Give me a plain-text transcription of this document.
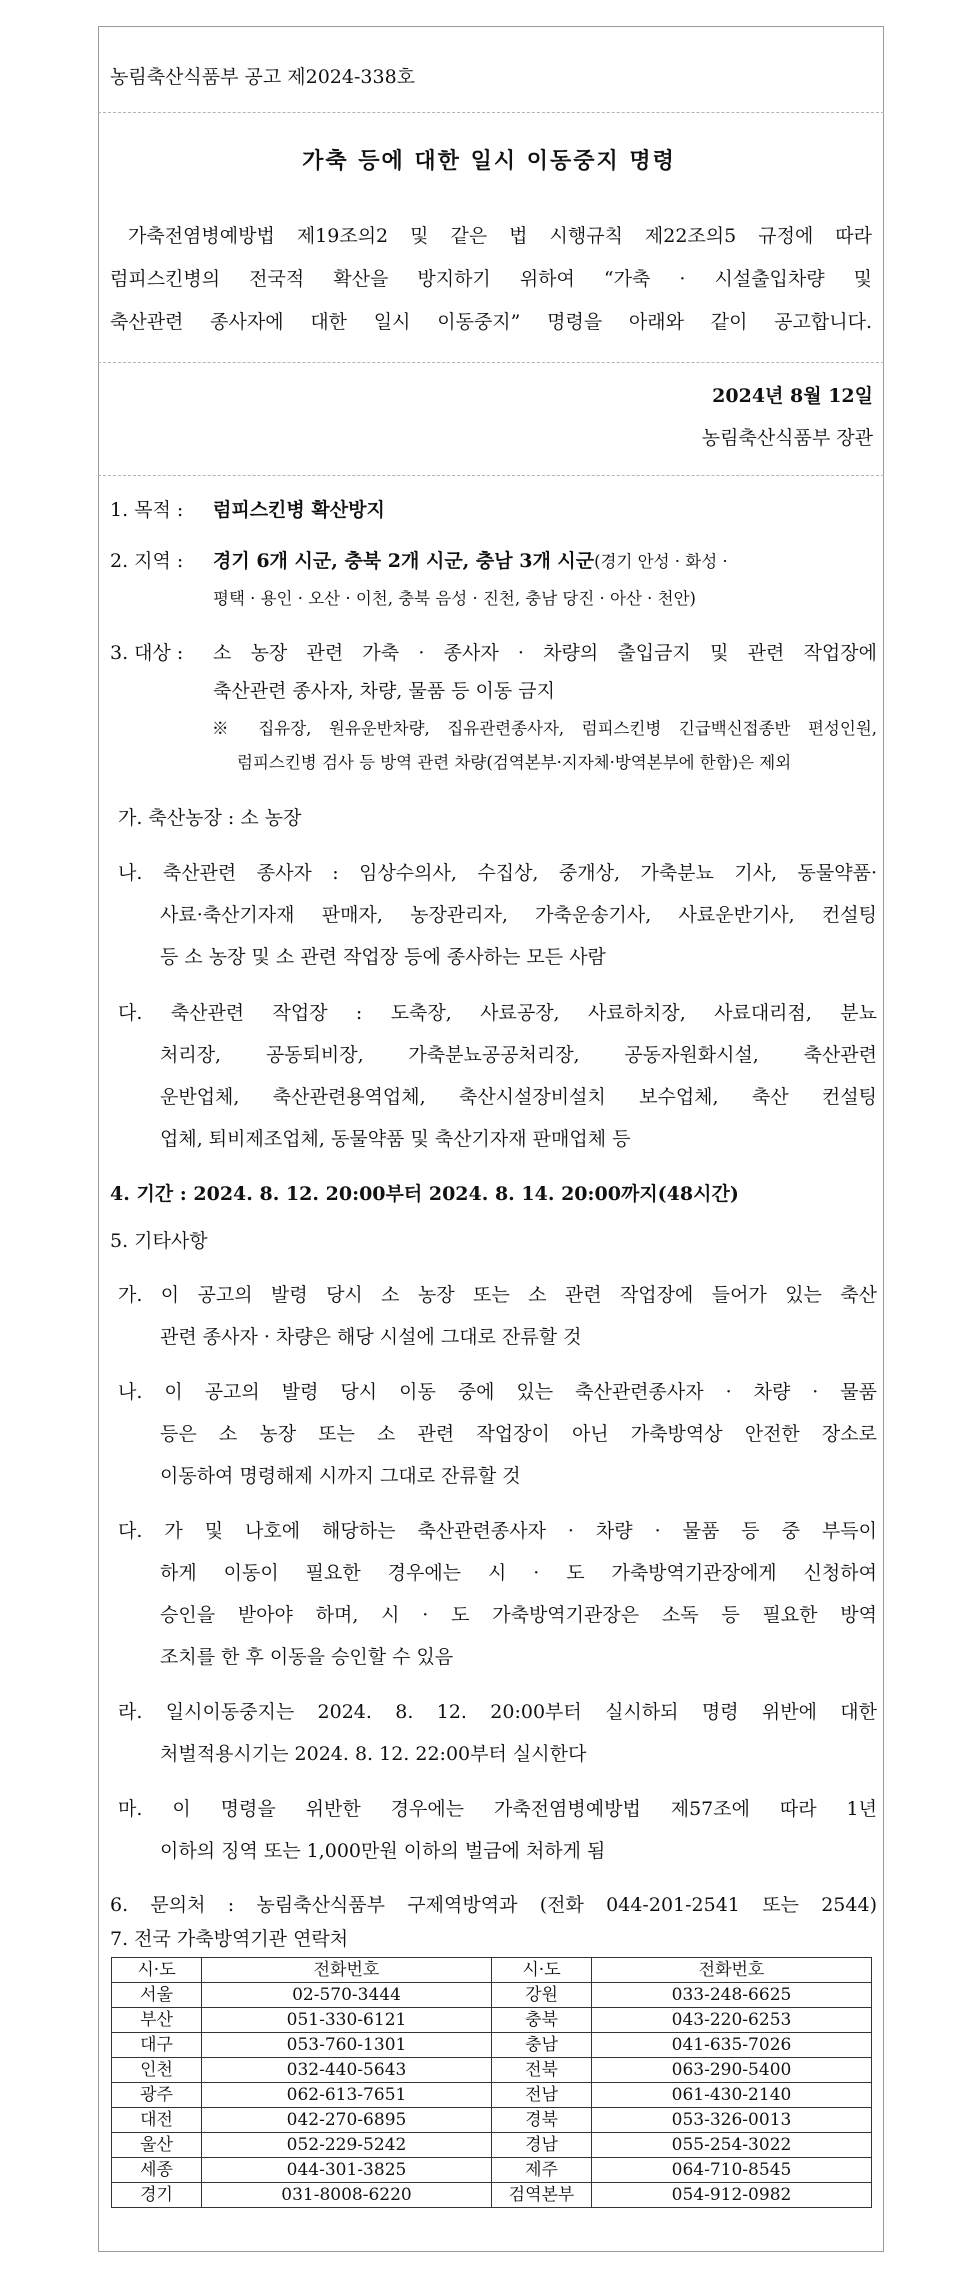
농림축산식품부 공고 제2024-338호
가축 등에 대한 일시 이동중지 명령
가축전염병예방법 제19조의2 및 같은 법 시행규칙 제22조의5 규정에 따라
럼피스킨병의 전국적 확산을 방지하기 위하여 “가축 · 시설출입차량 및
축산관련 종사자에 대한 일시 이동중지” 명령을 아래와 같이 공고합니다.
2024년 8월 12일
농림축산식품부 장관
1. 목적 : 럼피스킨병 확산방지
2. 지역 : 경기 6개 시군, 충북 2개 시군, 충남 3개 시군(경기 안성 · 화성 ·
평택 · 용인 · 오산 · 이천, 충북 음성 · 진천, 충남 당진 · 아산 · 천안)
3. 대상 : 소 농장 관련 가축 · 종사자 · 차량의 출입금지 및 관련 작업장에
축산관련 종사자, 차량, 물품 등 이동 금지
※ 집유장, 원유운반차량, 집유관련종사자, 럼피스킨병 긴급백신접종반 편성인원,
럼피스킨병 검사 등 방역 관련 차량(검역본부·지자체·방역본부에 한함)은 제외
가. 축산농장 : 소 농장
나. 축산관련 종사자 : 임상수의사, 수집상, 중개상, 가축분뇨 기사, 동물약품·
사료·축산기자재 판매자, 농장관리자, 가축운송기사, 사료운반기사, 컨설팅
등 소 농장 및 소 관련 작업장 등에 종사하는 모든 사람
다. 축산관련 작업장 : 도축장, 사료공장, 사료하치장, 사료대리점, 분뇨
처리장, 공동퇴비장, 가축분뇨공공처리장, 공동자원화시설, 축산관련
운반업체, 축산관련용역업체, 축산시설장비설치 보수업체, 축산 컨설팅
업체, 퇴비제조업체, 동물약품 및 축산기자재 판매업체 등
4. 기간 : 2024. 8. 12. 20:00부터 2024. 8. 14. 20:00까지(48시간)
5. 기타사항
가. 이 공고의 발령 당시 소 농장 또는 소 관련 작업장에 들어가 있는 축산
관련 종사자 · 차량은 해당 시설에 그대로 잔류할 것
나. 이 공고의 발령 당시 이동 중에 있는 축산관련종사자 · 차량 · 물품
등은 소 농장 또는 소 관련 작업장이 아닌 가축방역상 안전한 장소로
이동하여 명령해제 시까지 그대로 잔류할 것
다. 가 및 나호에 해당하는 축산관련종사자 · 차량 · 물품 등 중 부득이
하게 이동이 필요한 경우에는 시 · 도 가축방역기관장에게 신청하여
승인을 받아야 하며, 시 · 도 가축방역기관장은 소독 등 필요한 방역
조치를 한 후 이동을 승인할 수 있음
라. 일시이동중지는 2024. 8. 12. 20:00부터 실시하되 명령 위반에 대한
처벌적용시기는 2024. 8. 12. 22:00부터 실시한다
마. 이 명령을 위반한 경우에는 가축전염병예방법 제57조에 따라 1년
이하의 징역 또는 1,000만원 이하의 벌금에 처하게 됨
6. 문의처 : 농림축산식품부 구제역방역과 (전화 044-201-2541 또는 2544)
7. 전국 가축방역기관 연락처
시·도	전화번호	시·도	전화번호
서울	02-570-3444	강원	033-248-6625
부산	051-330-6121	충북	043-220-6253
대구	053-760-1301	충남	041-635-7026
인천	032-440-5643	전북	063-290-5400
광주	062-613-7651	전남	061-430-2140
대전	042-270-6895	경북	053-326-0013
울산	052-229-5242	경남	055-254-3022
세종	044-301-3825	제주	064-710-8545
경기	031-8008-6220	검역본부	054-912-0982
